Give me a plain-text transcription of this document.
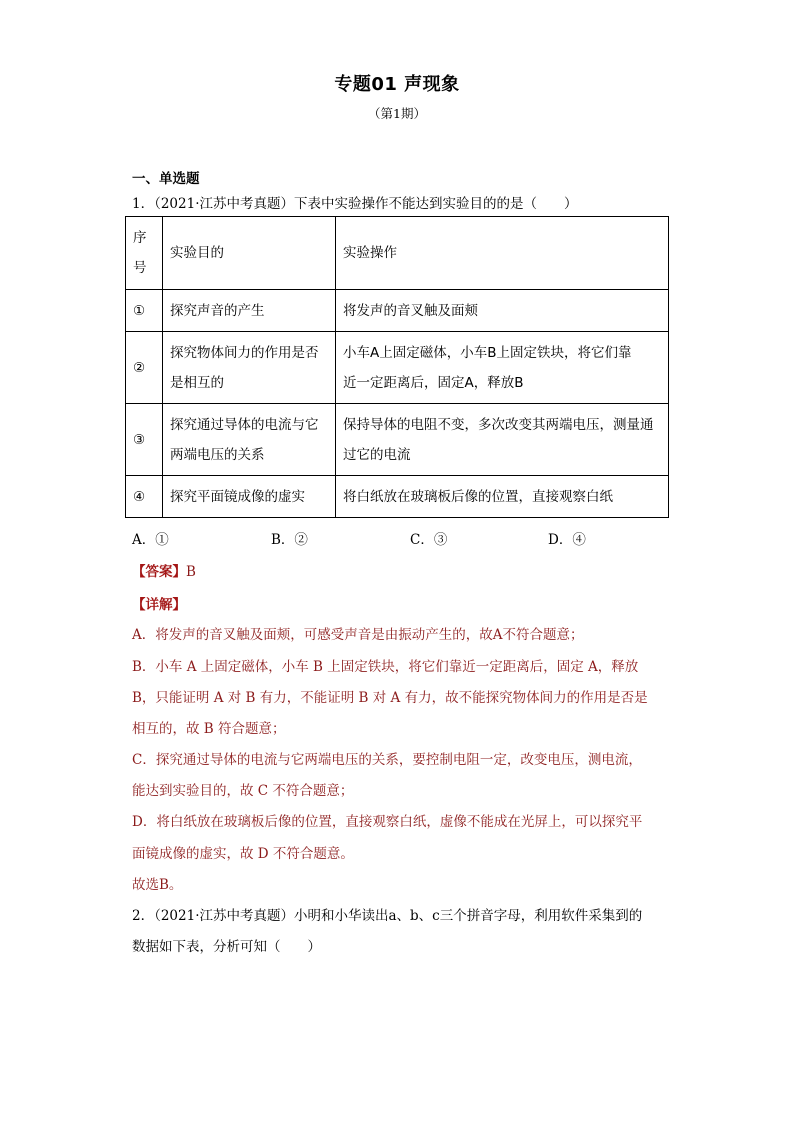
专题01 声现象
（第1期）
一、单选题
1．（2021·江苏中考真题）下表中实验操作不能达到实验目的的是（　　）
序
号	实验目的	实验操作
①	探究声音的产生	将发声的音叉触及面颊
②	探究物体间力的作用是否
是相互的	小车A上固定磁体，小车B上固定铁块，将它们靠
近一定距离后，固定A，释放B

③	探究通过导体的电流与它
两端电压的关系	保持导体的电阻不变，多次改变其两端电压，测量通
过它的电流

④	探究平面镜成像的虚实	将白纸放在玻璃板后像的位置，直接观察白纸
A．①	B．②	C．③	D．④
【答案】B
【详解】
A．将发声的音叉触及面颊，可感受声音是由振动产生的，故A不符合题意；
B．小车 A 上固定磁体，小车 B 上固定铁块，将它们靠近一定距离后，固定 A，释放
B，只能证明 A 对 B 有力，不能证明 B 对 A 有力，故不能探究物体间力的作用是否是
相互的，故 B 符合题意；
C．探究通过导体的电流与它两端电压的关系，要控制电阻一定，改变电压，测电流，
能达到实验目的，故 C 不符合题意；
D．将白纸放在玻璃板后像的位置，直接观察白纸，虚像不能成在光屏上，可以探究平
面镜成像的虚实，故 D 不符合题意。
故选B。
2．（2021·江苏中考真题）小明和小华读出a、b、c三个拼音字母，利用软件采集到的
数据如下表，分析可知（　　）
